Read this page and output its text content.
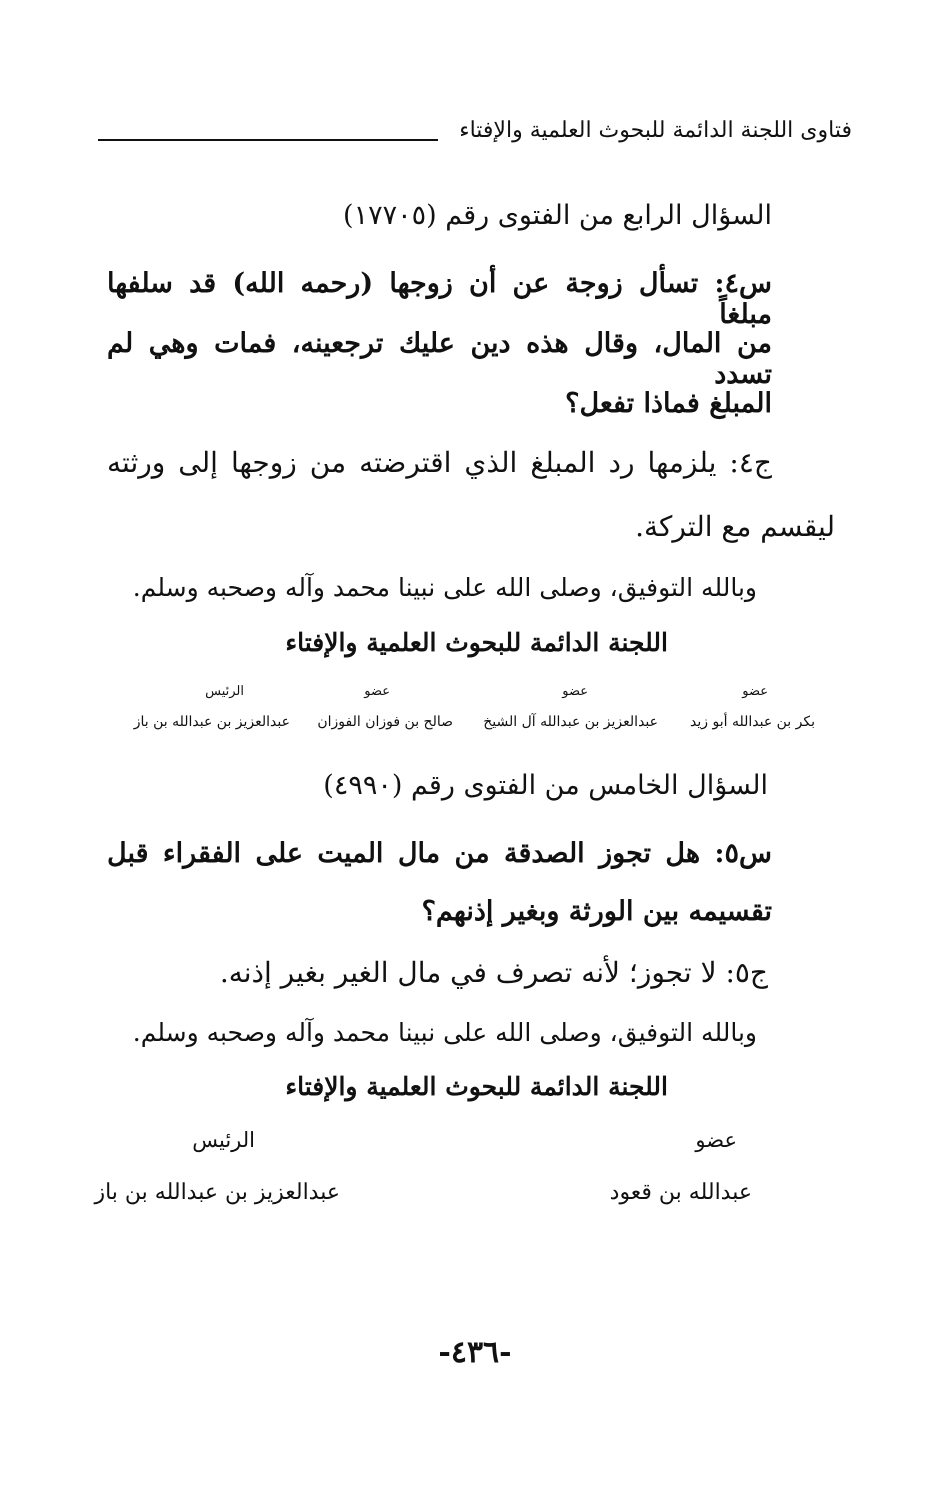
فتاوى اللجنة الدائمة للبحوث العلمية والإفتاء
السؤال الرابع من الفتوى رقم (١٧٧٠٥)
س٤: تسأل زوجة عن أن زوجها (رحمه الله) قد سلفها مبلغاً
من المال، وقال هذه دين عليك ترجعينه، فمات وهي لم تسدد
المبلغ فماذا تفعل؟
ج٤: يلزمها رد المبلغ الذي اقترضته من زوجها إلى ورثته
ليقسم مع التركة.
وبالله التوفيق، وصلى الله على نبينا محمد وآله وصحبه وسلم.
اللجنة الدائمة للبحوث العلمية والإفتاء
عضو
بكر بن عبدالله أبو زيد
عضو
عبدالعزيز بن عبدالله آل الشيخ
عضو
صالح بن فوزان الفوزان
الرئيس
عبدالعزيز بن عبدالله بن باز
السؤال الخامس من الفتوى رقم (٤٩٩٠)
س٥: هل تجوز الصدقة من مال الميت على الفقراء قبل
تقسيمه بين الورثة وبغير إذنهم؟
ج٥: لا تجوز؛ لأنه تصرف في مال الغير بغير إذنه.
وبالله التوفيق، وصلى الله على نبينا محمد وآله وصحبه وسلم.
اللجنة الدائمة للبحوث العلمية والإفتاء
عضو
عبدالله بن قعود
الرئيس
عبدالعزيز بن عبدالله بن باز
-٤٣٦-
